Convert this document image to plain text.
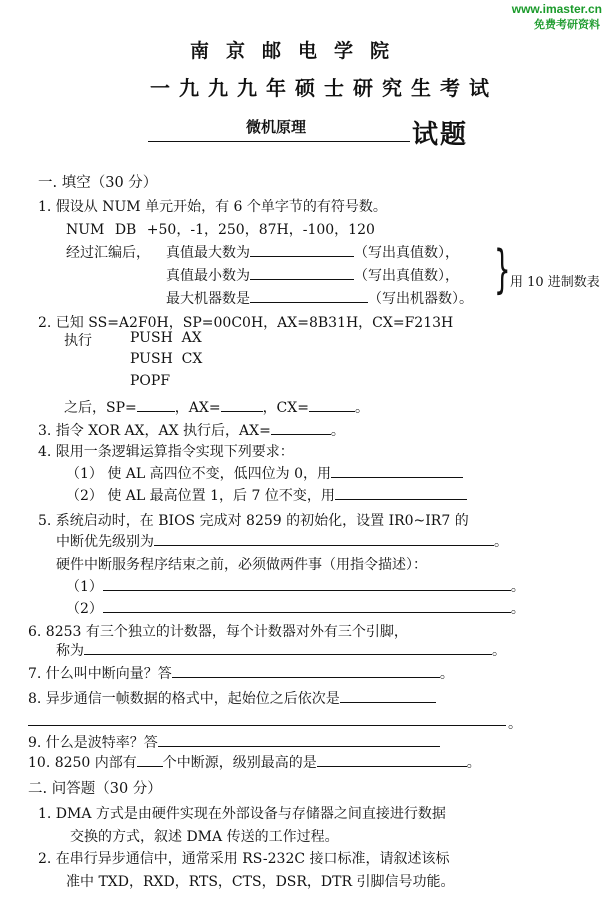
www.imaster.cn
免费考研资料
南京邮电学院
一九九九年硕士研究生考试
微机原理	试题
一. 填空（30 分）
1. 假设从 NUM 单元开始，有 6 个单字节的有符号数。
NUM DB +50，-1，250，87H，-100，120
经过汇编后， 真值最大数为	（写出真值数），
真值最小数为	（写出真值数），
最大机器数是	（写出机器数）。 } 用 10 进制数表
2. 已知 SS=A2F0H，SP=00C0H，AX=8B31H，CX=F213H
执行	PUSH  AX
PUSH  CX
POPF
之后，SP=	，AX=	，CX=	。
3. 指令 XOR AX，AX 执行后，AX=	。
4. 限用一条逻辑运算指令实现下列要求：
（1） 使 AL 高四位不变，低四位为 0，用
（2） 使 AL 最高位置 1，后 7 位不变，用
5. 系统启动时，在 BIOS 完成对 8259 的初始化，设置 IR0~IR7 的
中断优先级别为	。
硬件中断服务程序结束之前，必须做两件事（用指令描述）：
（1）	。
（2）	。
6. 8253 有三个独立的计数器，每个计数器对外有三个引脚，
称为	。
7. 什么叫中断向量？答	。
8. 异步通信一帧数据的格式中，起始位之后依次是
。
9. 什么是波特率？答
10. 8250 内部有 个中断源，级别最高的是	。
二. 问答题（30 分）
1. DMA 方式是由硬件实现在外部设备与存储器之间直接进行数据
交换的方式，叙述 DMA 传送的工作过程。
2. 在串行异步通信中，通常采用 RS-232C 接口标准，请叙述该标
准中 TXD，RXD，RTS，CTS，DSR，DTR 引脚信号功能。
